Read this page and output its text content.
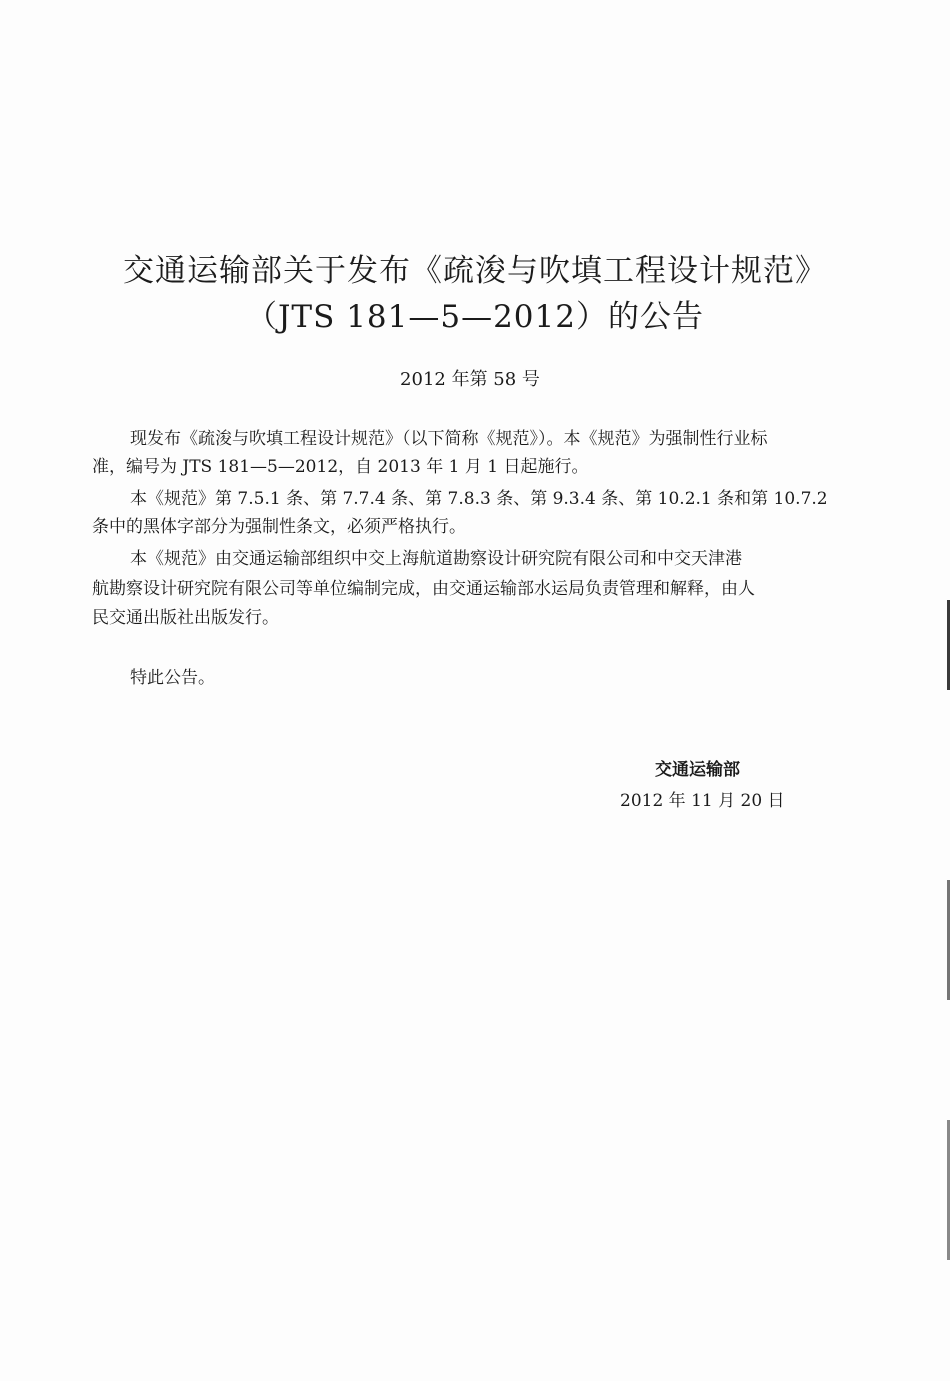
交通运输部关于发布《疏浚与吹填工程设计规范》
（JTS 181—5—2012）的公告
2012 年第 58 号
现发布《疏浚与吹填工程设计规范》（以下简称《规范》）。本《规范》为强制性行业标
准，编号为 JTS 181—5—2012，自 2013 年 1 月 1 日起施行。
本《规范》第 7.5.1 条、第 7.7.4 条、第 7.8.3 条、第 9.3.4 条、第 10.2.1 条和第 10.7.2
条中的黑体字部分为强制性条文，必须严格执行。
本《规范》由交通运输部组织中交上海航道勘察设计研究院有限公司和中交天津港
航勘察设计研究院有限公司等单位编制完成，由交通运输部水运局负责管理和解释，由人
民交通出版社出版发行。
特此公告。
交通运输部
2012 年 11 月 20 日
